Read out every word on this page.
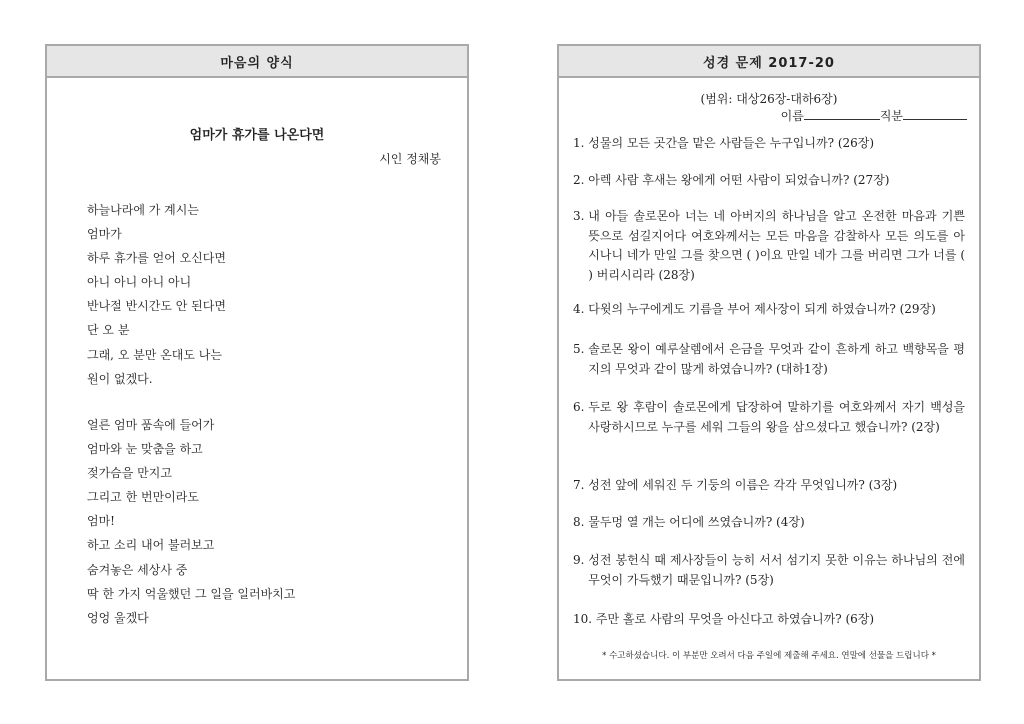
마음의 양식
엄마가 휴가를 나온다면
시인 정채봉
하늘나라에 가 계시는
엄마가
하루 휴가를 얻어 오신다면
아니 아니 아니 아니
반나절 반시간도 안 된다면
단 오 분
그래, 오 분만 온대도 나는
원이 없겠다.
얼른 엄마 품속에 들어가
엄마와 눈 맞춤을 하고
젖가슴을 만지고
그리고 한 번만이라도
엄마!
하고 소리 내어 불러보고
숨겨놓은 세상사 중
딱 한 가지 억울했던 그 일을 일러바치고
엉엉 울겠다
성경 문제 2017-20
(범위: 대상26장-대하6장)
이름	직분
1. 성물의 모든 곳간을 맡은 사람들은 누구입니까? (26장)
2. 아렉 사람 후새는 왕에게 어떤 사람이 되었습니까? (27장)
3. 내 아들 솔로몬아 너는 네 아버지의 하나님을 알고 온전한 마음과 기쁜 뜻으로 섬길지어다 여호와께서는 모든 마음을 감찰하사 모든 의도를 아시나니 네가 만일 그를 찾으면 ( )이요 만일 네가 그를 버리면 그가 너를 ( ) 버리시리라 (28장)
4. 다윗의 누구에게도 기름을 부어 제사장이 되게 하였습니까? (29장)
5. 솔로몬 왕이 예루살렘에서 은금을 무엇과 같이 흔하게 하고 백향목을 평지의 무엇과 같이 많게 하였습니까? (대하1장)
6. 두로 왕 후람이 솔로몬에게 답장하여 말하기를 여호와께서 자기 백성을 사랑하시므로 누구를 세워 그들의 왕을 삼으셨다고 했습니까? (2장)
7. 성전 앞에 세워진 두 기둥의 이름은 각각 무엇입니까? (3장)
8. 물두멍 열 개는 어디에 쓰였습니까? (4장)
9. 성전 봉헌식 때 제사장들이 능히 서서 섬기지 못한 이유는 하나님의 전에 무엇이 가득했기 때문입니까? (5장)
10. 주만 홀로 사람의 무엇을 아신다고 하였습니까? (6장)
* 수고하셨습니다. 이 부분만 오려서 다음 주일에 제출해 주세요. 연말에 선물을 드립니다 *
